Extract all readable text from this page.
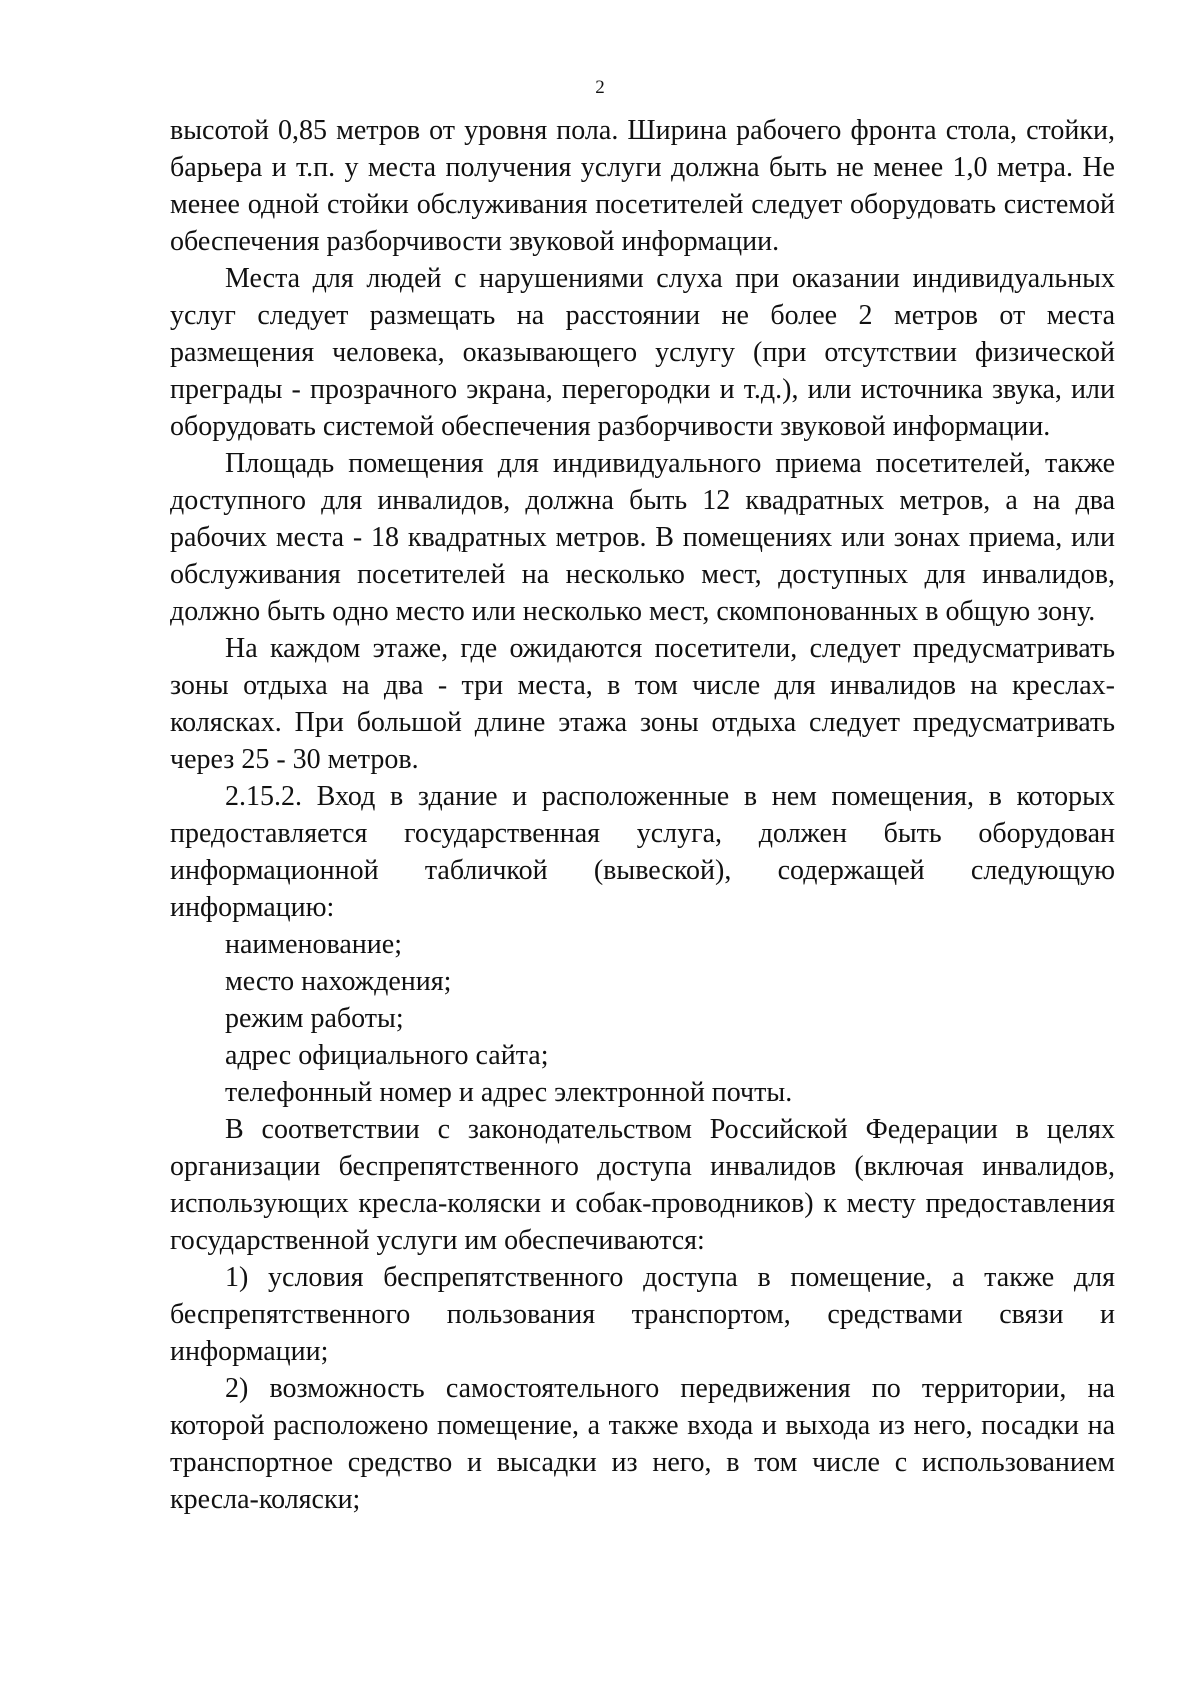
2

высотой 0,85 метров от уровня пола. Ширина рабочего фронта стола, стойки, барьера и т.п. у места получения услуги должна быть не менее 1,0 метра. Не менее одной стойки обслуживания посетителей следует оборудовать системой обеспечения разборчивости звуковой информации.

Места для людей с нарушениями слуха при оказании индивидуальных услуг следует размещать на расстоянии не более 2 метров от места размещения человека, оказывающего услугу (при отсутствии физической преграды - прозрачного экрана, перегородки и т.д.), или источника звука, или оборудовать системой обеспечения разборчивости звуковой информации.

Площадь помещения для индивидуального приема посетителей, также доступного для инвалидов, должна быть 12 квадратных метров, а на два рабочих места - 18 квадратных метров. В помещениях или зонах приема, или обслуживания посетителей на несколько мест, доступных для инвалидов, должно быть одно место или несколько мест, скомпонованных в общую зону.

На каждом этаже, где ожидаются посетители, следует предусматривать зоны отдыха на два - три места, в том числе для инвалидов на креслах-колясках. При большой длине этажа зоны отдыха следует предусматривать через 25 - 30 метров.

2.15.2. Вход в здание и расположенные в нем помещения, в которых предоставляется государственная услуга, должен быть оборудован информационной табличкой (вывеской), содержащей следующую информацию:

наименование;

место нахождения;

режим работы;

адрес официального сайта;

телефонный номер и адрес электронной почты.

В соответствии с законодательством Российской Федерации в целях организации беспрепятственного доступа инвалидов (включая инвалидов, использующих кресла-коляски и собак-проводников) к месту предоставления государственной услуги им обеспечиваются:

1) условия беспрепятственного доступа в помещение, а также для беспрепятственного пользования транспортом, средствами связи и информации;

2) возможность самостоятельного передвижения по территории, на которой расположено помещение, а также входа и выхода из него, посадки на транспортное средство и высадки из него, в том числе с использованием кресла-коляски;
